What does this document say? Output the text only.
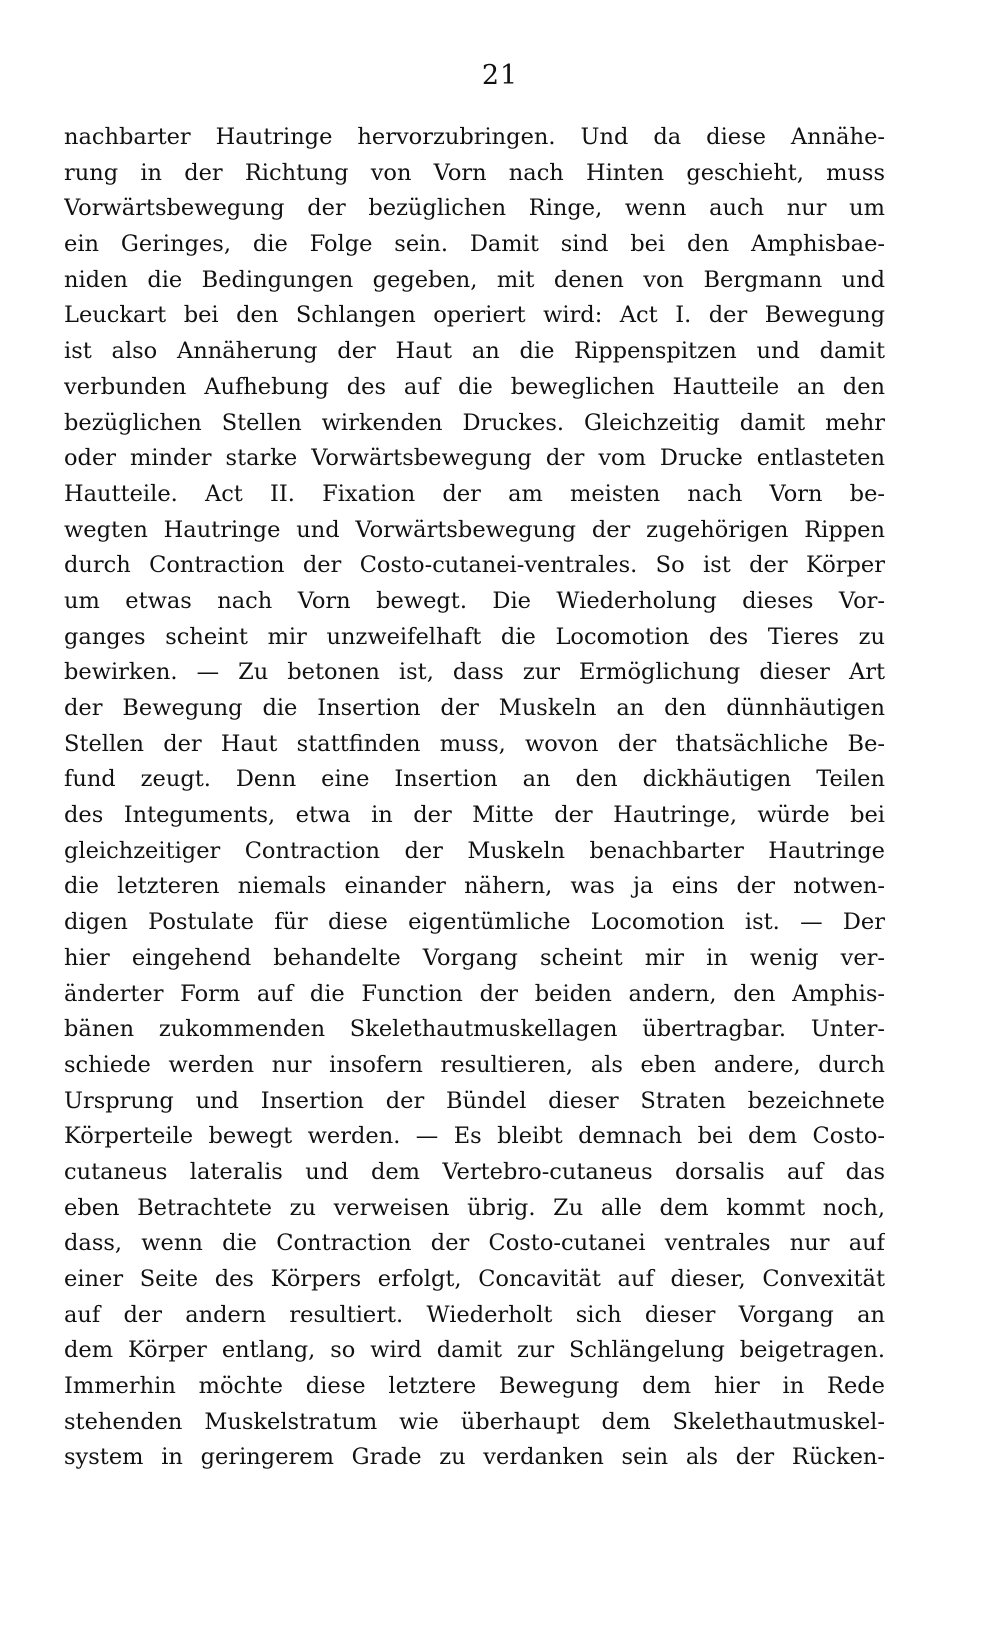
21
nachbarter Hautringe hervorzubringen. Und da diese Annähe-
rung in der Richtung von Vorn nach Hinten geschieht, muss
Vorwärtsbewegung der bezüglichen Ringe, wenn auch nur um
ein Geringes, die Folge sein. Damit sind bei den Amphisbae-
niden die Bedingungen gegeben, mit denen von Bergmann und
Leuckart bei den Schlangen operiert wird: Act I. der Bewegung
ist also Annäherung der Haut an die Rippenspitzen und damit
verbunden Aufhebung des auf die beweglichen Hautteile an den
bezüglichen Stellen wirkenden Druckes. Gleichzeitig damit mehr
oder minder starke Vorwärtsbewegung der vom Drucke entlasteten
Hautteile. Act II. Fixation der am meisten nach Vorn be-
wegten Hautringe und Vorwärtsbewegung der zugehörigen Rippen
durch Contraction der Costo-cutanei-ventrales. So ist der Körper
um etwas nach Vorn bewegt. Die Wiederholung dieses Vor-
ganges scheint mir unzweifelhaft die Locomotion des Tieres zu
bewirken. — Zu betonen ist, dass zur Ermöglichung dieser Art
der Bewegung die Insertion der Muskeln an den dünnhäutigen
Stellen der Haut stattfinden muss, wovon der thatsächliche Be-
fund zeugt. Denn eine Insertion an den dickhäutigen Teilen
des Integuments, etwa in der Mitte der Hautringe, würde bei
gleichzeitiger Contraction der Muskeln benachbarter Hautringe
die letzteren niemals einander nähern, was ja eins der notwen-
digen Postulate für diese eigentümliche Locomotion ist. — Der
hier eingehend behandelte Vorgang scheint mir in wenig ver-
änderter Form auf die Function der beiden andern, den Amphis-
bänen zukommenden Skelethautmuskellagen übertragbar. Unter-
schiede werden nur insofern resultieren, als eben andere, durch
Ursprung und Insertion der Bündel dieser Straten bezeichnete
Körperteile bewegt werden. — Es bleibt demnach bei dem Costo-
cutaneus lateralis und dem Vertebro-cutaneus dorsalis auf das
eben Betrachtete zu verweisen übrig. Zu alle dem kommt noch,
dass, wenn die Contraction der Costo-cutanei ventrales nur auf
einer Seite des Körpers erfolgt, Concavität auf dieser, Convexität
auf der andern resultiert. Wiederholt sich dieser Vorgang an
dem Körper entlang, so wird damit zur Schlängelung beigetragen.
Immerhin möchte diese letztere Bewegung dem hier in Rede
stehenden Muskelstratum wie überhaupt dem Skelethautmuskel-
system in geringerem Grade zu verdanken sein als der Rücken-
